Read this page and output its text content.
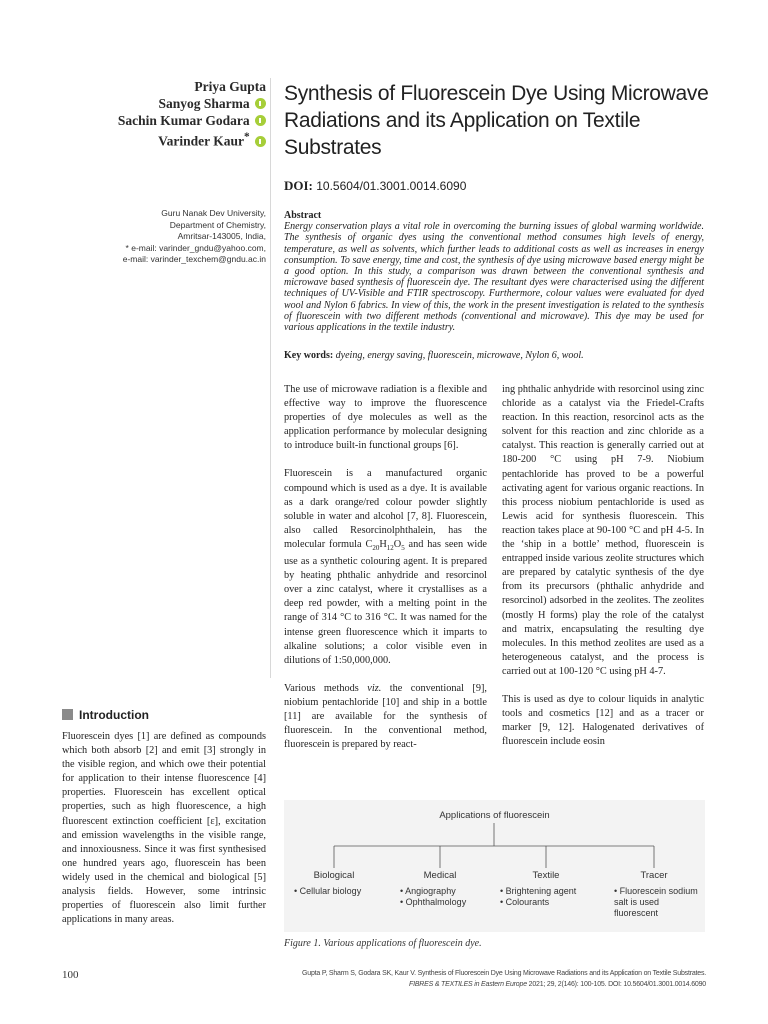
Priya Gupta
Sanyog Sharma
Sachin Kumar Godara
Varinder Kaur*
Guru Nanak Dev University,
Department of Chemistry,
Amritsar-143005, India,
* e-mail: varinder_gndu@yahoo.com,
e-mail: varinder_texchem@gndu.ac.in
Synthesis of Fluorescein Dye Using Microwave Radiations and its Application on Textile Substrates
DOI: 10.5604/01.3001.0014.6090
Abstract

Energy conservation plays a vital role in overcoming the burning issues of global warming worldwide. The synthesis of organic dyes using the conventional method consumes high levels of energy, temperature, as well as solvents, which further leads to additional costs as well as increases in energy consumption. To save energy, time and cost, the synthesis of dye using microwave based energy might be a good option. In this study, a comparison was drawn between the conventional synthesis and microwave based synthesis of fluorescein dye. The resultant dyes were characterised using the different techniques of UV-Visible and FTIR spectroscopy. Furthermore, colour values were evaluated for dyed wool and Nylon 6 fabrics. In view of this, the work in the present investigation is related to the synthesis of fluorescein with two different methods (conventional and microwave). This dye may be used for various applications in the textile industry.

Key words: dyeing, energy saving, fluorescein, microwave, Nylon 6, wool.

The use of microwave radiation is a flexible and effective way to improve the fluorescence properties of dye molecules as well as the application performance by molecular designing to introduce built-in functional groups [6].

Fluorescein is a manufactured organic compound which is used as a dye. It is available as a dark orange/red colour powder slightly soluble in water and alcohol [7, 8]. Fluorescein, also called Resorcinolphthalein, has the molecular formula $C_{20}H_{12}O_5$ and has seen wide use as a synthetic colouring agent. It is prepared by heating phthalic anhydride and resorcinol over a zinc catalyst, where it crystallises as a deep red powder, with a melting point in the range of 314 °C to 316 °C. It was named for the intense green fluorescence which it imparts to alkaline solutions; a color visible even in dilutions of 1:50,000,000.

Various methods viz. the conventional [9], niobium pentachloride [10] and ship in a bottle [11] are available for the synthesis of fluorescein. In the conventional method, fluorescein is prepared by react-

ing phthalic anhydride with resorcinol using zinc chloride as a catalyst via the Friedel-Crafts reaction. In this reaction, resorcinol acts as the solvent for this reaction and zinc chloride as a catalyst. This reaction is generally carried out at 180-200 °C using pH 7-9. Niobium pentachloride has proved to be a powerful activating agent for various organic reactions. In this process niobium pentachloride is used as Lewis acid for synthesis fluorescein. This reaction takes place at 90-100 °C and pH 4-5. In the ‘ship in a bottle’ method, fluorescein is entrapped inside various zeolite structures which are prepared by catalytic synthesis of the dye from its precursors (phthalic anhydride and resorcinol) adsorbed in the zeolites. The zeolites (mostly H forms) play the role of the catalyst and matrix, encapsulating the resulting dye molecules. In this method zeolites are used as a heterogeneous catalyst, and the process is carried out at 100-120 °C using pH 4-7.

This is used as dye to colour liquids in analytic tools and cosmetics [12] and as a tracer or marker [9, 12]. Halogenated derivatives of fluorescein include eosin

Introduction

Fluorescein dyes [1] are defined as compounds which both absorb [2] and emit [3] strongly in the visible region, and which owe their potential for application to their intense fluorescence [4] properties. Fluorescein has excellent optical properties, such as high fluorescence, a high fluorescent extinction coefficient [ε], excitation and emission wavelengths in the visible range, and innoxiousness. Since it was first synthesised one hundred years ago, fluorescein has been widely used in the chemical and biological [5] analysis fields. However, some intrinsic properties of fluorescein also limit further applications in many areas.

Applications of fluorescein
Biological	Medical	Textile	Tracer
• Cellular biology
•	Angiography
• Ophthalmology
• Brightening agent
• Colourants
• Fluorescein sodium salt is used fluorescent
Figure 1. Various applications of fluorescein dye.
100	Gupta P, Sharm S, Godara SK, Kaur V. Synthesis of Fluorescein Dye Using Microwave Radiations and its Application on Textile Substrates.
FIBRES & TEXTILES in Eastern Europe 2021; 29, 2(146): 100-105. DOI: 10.5604/01.3001.0014.6090
